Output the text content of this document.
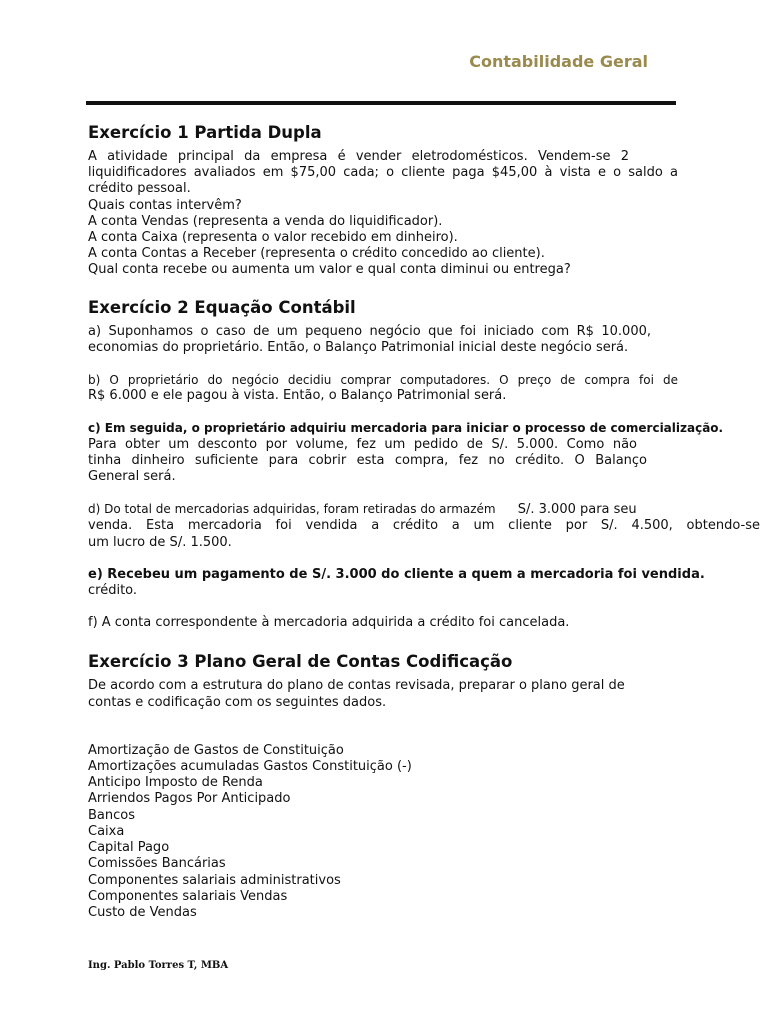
Contabilidade Geral
Exercício 1 Partida Dupla

A atividade principal da empresa é vender eletrodomésticos. Vendem-se 2

liquidificadores avaliados em $75,00 cada; o cliente paga $45,00 à vista e o saldo a

crédito pessoal.

Quais contas intervêm?

A conta Vendas (representa a venda do liquidificador).

A conta Caixa (representa o valor recebido em dinheiro).

A conta Contas a Receber (representa o crédito concedido ao cliente).

Qual conta recebe ou aumenta um valor e qual conta diminui ou entrega?

Exercício 2 Equação Contábil

a) Suponhamos o caso de um pequeno negócio que foi iniciado com R$ 10.000,

economias do proprietário. Então, o Balanço Patrimonial inicial deste negócio será.

b) O proprietário do negócio decidiu comprar computadores. O preço de compra foi de

R$ 6.000 e ele pagou à vista. Então, o Balanço Patrimonial será.

c) Em seguida, o proprietário adquiriu mercadoria para iniciar o processo de comercialização.

Para obter um desconto por volume, fez um pedido de S/. 5.000. Como não

tinha dinheiro suficiente para cobrir esta compra, fez no crédito. O Balanço

General será.

d) Do total de mercadorias adquiridas, foram retiradas do armazém S/. 3.000 para seu

venda. Esta mercadoria foi vendida a crédito a um cliente por S/. 4.500, obtendo-se

um lucro de S/. 1.500.

e) Recebeu um pagamento de S/. 3.000 do cliente a quem a mercadoria foi vendida.

crédito.

f) A conta correspondente à mercadoria adquirida a crédito foi cancelada.

Exercício 3 Plano Geral de Contas Codificação

De acordo com a estrutura do plano de contas revisada, preparar o plano geral de

contas e codificação com os seguintes dados.

Amortização de Gastos de Constituição
Amortizações acumuladas Gastos Constituição (-)
Anticipo Imposto de Renda
Arriendos Pagos Por Anticipado
Bancos
Caixa
Capital Pago
Comissões Bancárias
Componentes salariais administrativos
Componentes salariais Vendas
Custo de Vendas
Ing. Pablo Torres T, MBA
